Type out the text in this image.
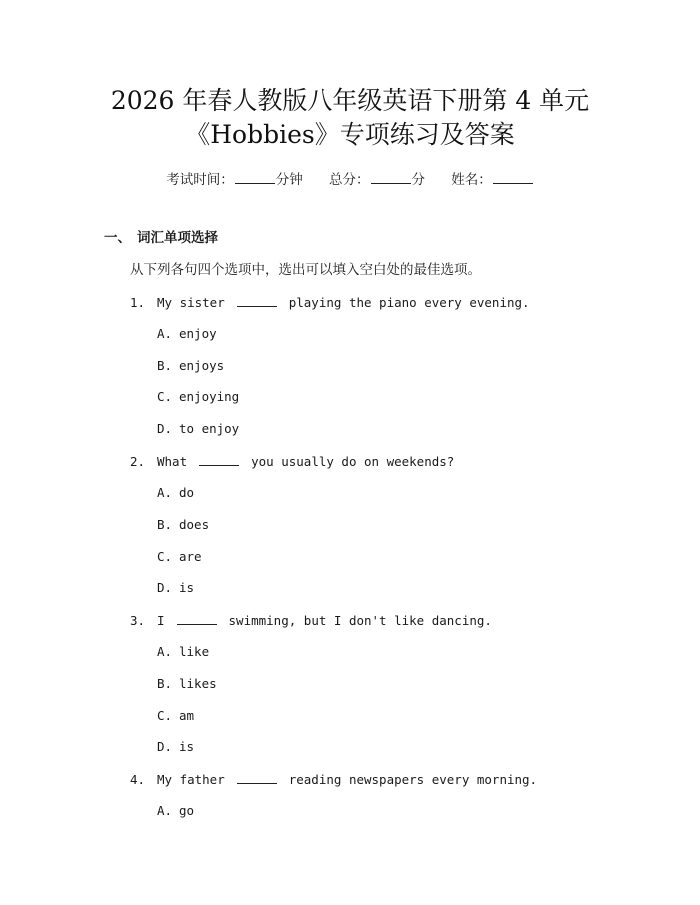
2026 年春人教版八年级英语下册第 4 单元
《Hobbies》专项练习及答案
考试时间：	分钟 总分：	分 姓名：
一、 词汇单项选择
从下列各句四个选项中，选出可以填入空白处的最佳选项。
1. My sister	playing the piano every evening.
A. enjoy
B. enjoys
C. enjoying
D. to enjoy
2. What	you usually do on weekends?
A. do
B. does
C. are
D. is
3. I	swimming, but I don't like dancing.
A. like
B. likes
C. am
D. is
4. My father	reading newspapers every morning.
A. go
